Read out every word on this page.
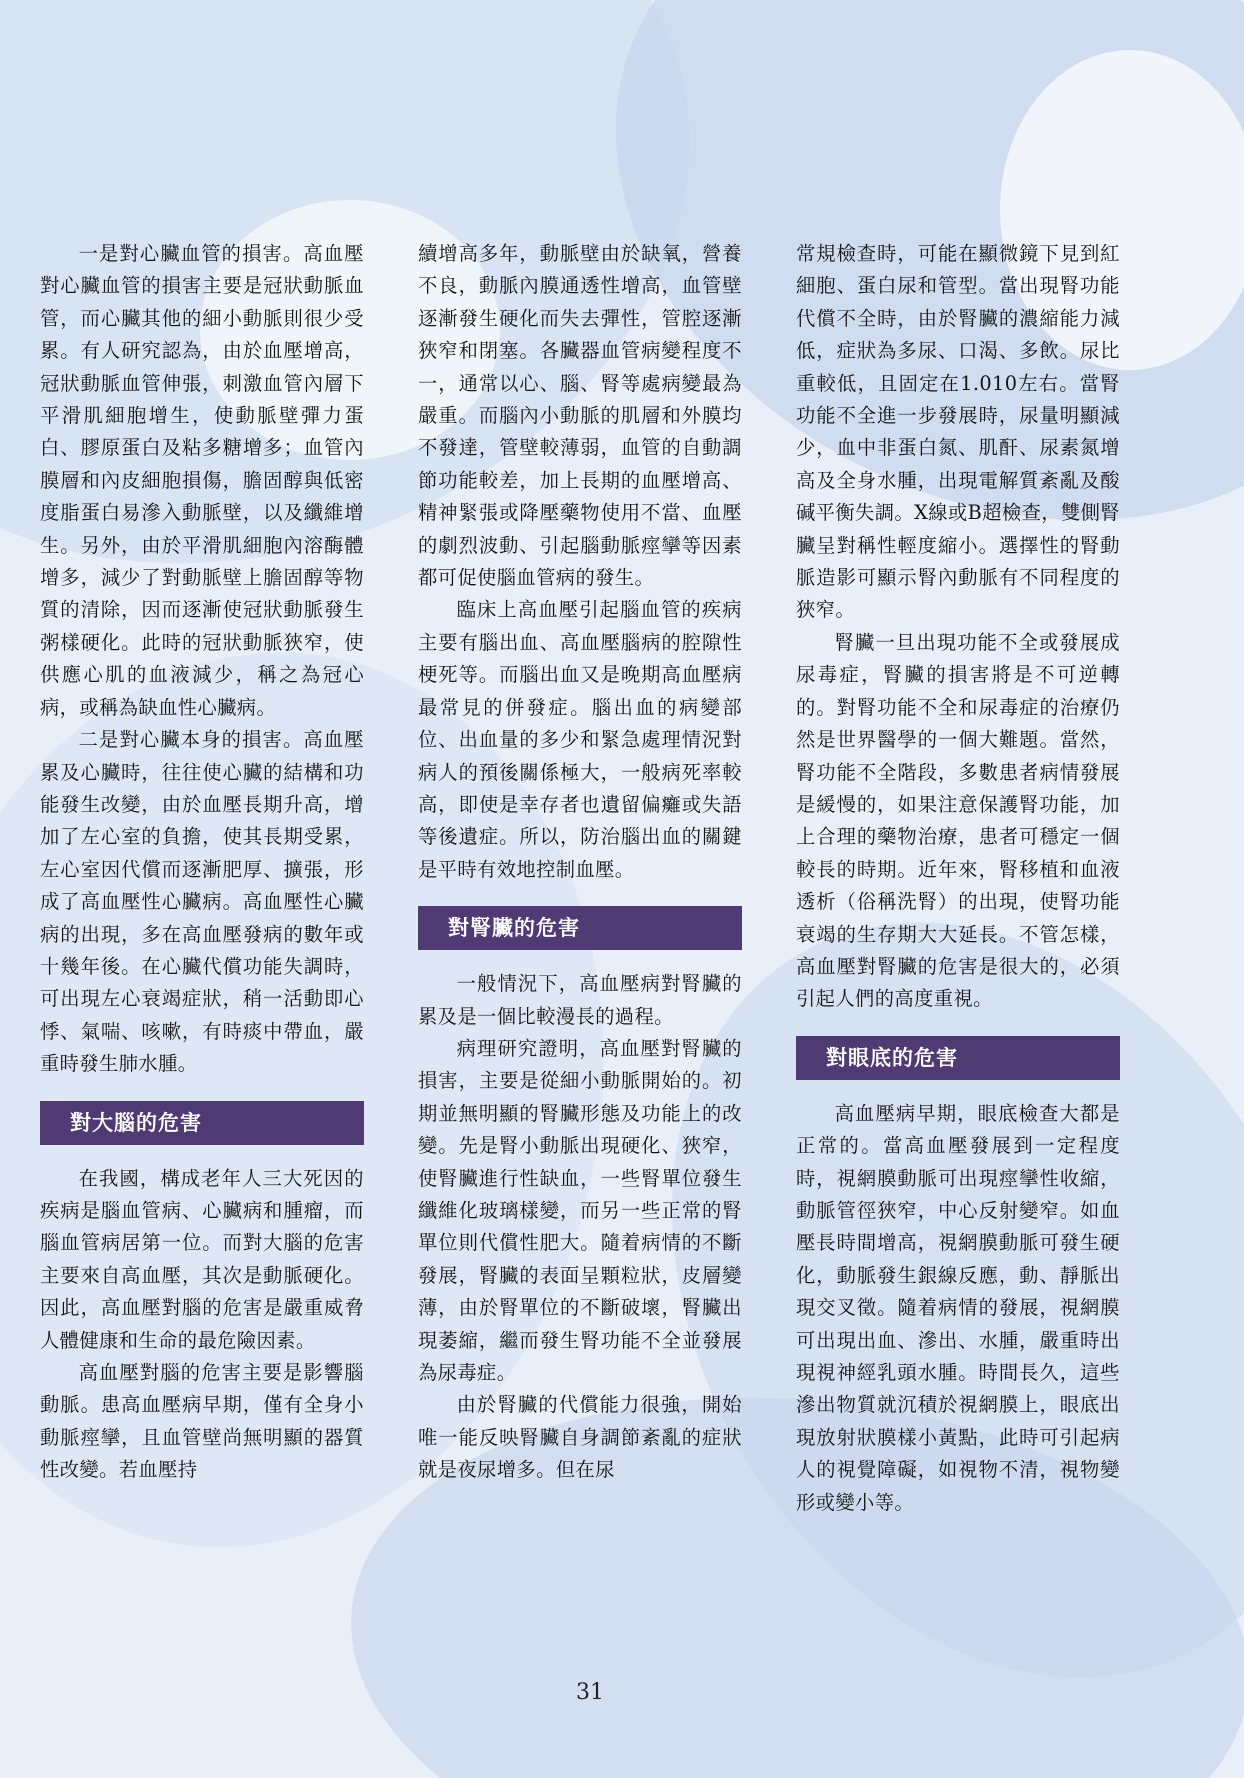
一是對心臟血管的損害。高血壓對心臟血管的損害主要是冠狀動脈血管，而心臟其他的細小動脈則很少受累。有人研究認為，由於血壓增高，冠狀動脈血管伸張，刺激血管內層下平滑肌細胞增生，使動脈壁彈力蛋白、膠原蛋白及粘多糖增多；血管內膜層和內皮細胞損傷，膽固醇與低密度脂蛋白易滲入動脈壁，以及纖維增生。另外，由於平滑肌細胞內溶酶體增多，減少了對動脈壁上膽固醇等物質的清除，因而逐漸使冠狀動脈發生粥樣硬化。此時的冠狀動脈狹窄，使供應心肌的血液減少，稱之為冠心病，或稱為缺血性心臟病。

二是對心臟本身的損害。高血壓累及心臟時，往往使心臟的結構和功能發生改變，由於血壓長期升高，增加了左心室的負擔，使其長期受累，左心室因代償而逐漸肥厚、擴張，形成了高血壓性心臟病。高血壓性心臟病的出現，多在高血壓發病的數年或十幾年後。在心臟代償功能失調時，可出現左心衰竭症狀，稍一活動即心悸、氣喘、咳嗽，有時痰中帶血，嚴重時發生肺水腫。

對大腦的危害

在我國，構成老年人三大死因的疾病是腦血管病、心臟病和腫瘤，而腦血管病居第一位。而對大腦的危害主要來自高血壓，其次是動脈硬化。因此，高血壓對腦的危害是嚴重威脅人體健康和生命的最危險因素。

高血壓對腦的危害主要是影響腦動脈。患高血壓病早期，僅有全身小動脈痙攣，且血管壁尚無明顯的器質性改變。若血壓持

續增高多年，動脈壁由於缺氧，營養不良，動脈內膜通透性增高，血管壁逐漸發生硬化而失去彈性，管腔逐漸狹窄和閉塞。各臟器血管病變程度不一，通常以心、腦、腎等處病變最為嚴重。而腦內小動脈的肌層和外膜均不發達，管壁較薄弱，血管的自動調節功能較差，加上長期的血壓增高、精神緊張或降壓藥物使用不當、血壓的劇烈波動、引起腦動脈痙攣等因素都可促使腦血管病的發生。

臨床上高血壓引起腦血管的疾病主要有腦出血、高血壓腦病的腔隙性梗死等。而腦出血又是晚期高血壓病最常見的併發症。腦出血的病變部位、出血量的多少和緊急處理情況對病人的預後關係極大，一般病死率較高，即使是幸存者也遺留偏癱或失語等後遺症。所以，防治腦出血的關鍵是平時有效地控制血壓。

對腎臟的危害

一般情況下，高血壓病對腎臟的累及是一個比較漫長的過程。

病理研究證明，高血壓對腎臟的損害，主要是從細小動脈開始的。初期並無明顯的腎臟形態及功能上的改變。先是腎小動脈出現硬化、狹窄，使腎臟進行性缺血，一些腎單位發生纖維化玻璃樣變，而另一些正常的腎單位則代償性肥大。隨着病情的不斷發展，腎臟的表面呈顆粒狀，皮層變薄，由於腎單位的不斷破壞，腎臟出現萎縮，繼而發生腎功能不全並發展為尿毒症。

由於腎臟的代償能力很強，開始唯一能反映腎臟自身調節紊亂的症狀就是夜尿增多。但在尿

常規檢查時，可能在顯微鏡下見到紅細胞、蛋白尿和管型。當出現腎功能代償不全時，由於腎臟的濃縮能力減低，症狀為多尿、口渴、多飲。尿比重較低，且固定在1.010左右。當腎功能不全進一步發展時，尿量明顯減少，血中非蛋白氮、肌酐、尿素氮增高及全身水腫，出現電解質紊亂及酸碱平衡失調。X線或B超檢查，雙側腎臟呈對稱性輕度縮小。選擇性的腎動脈造影可顯示腎內動脈有不同程度的狹窄。

腎臟一旦出現功能不全或發展成尿毒症，腎臟的損害將是不可逆轉的。對腎功能不全和尿毒症的治療仍然是世界醫學的一個大難題。當然，腎功能不全階段，多數患者病情發展是緩慢的，如果注意保護腎功能，加上合理的藥物治療，患者可穩定一個較長的時期。近年來，腎移植和血液透析（俗稱洗腎）的出現，使腎功能衰竭的生存期大大延長。不管怎樣，高血壓對腎臟的危害是很大的，必須引起人們的高度重視。

對眼底的危害

高血壓病早期，眼底檢查大都是正常的。當高血壓發展到一定程度時，視網膜動脈可出現痙攣性收縮，動脈管徑狹窄，中心反射變窄。如血壓長時間增高，視網膜動脈可發生硬化，動脈發生銀線反應，動、靜脈出現交叉徵。隨着病情的發展，視網膜可出現出血、滲出、水腫，嚴重時出現視神經乳頭水腫。時間長久，這些滲出物質就沉積於視網膜上，眼底出現放射狀膜樣小黃點，此時可引起病人的視覺障礙，如視物不清，視物變形或變小等。

31
